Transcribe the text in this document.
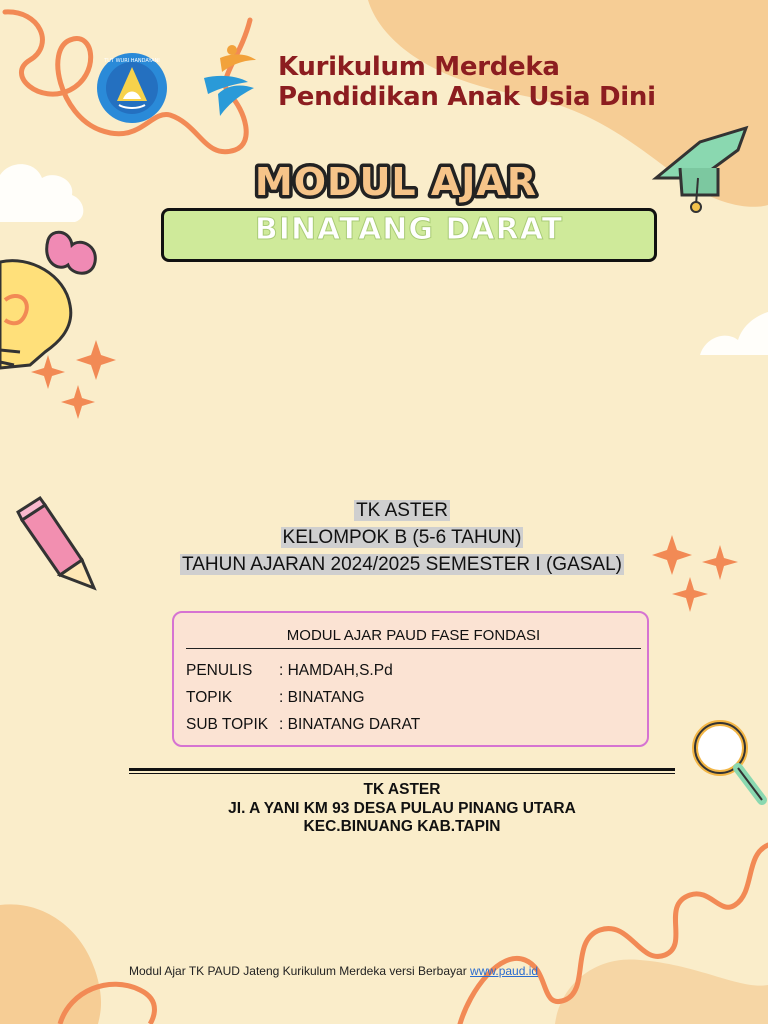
TUT WURI HANDAYANI	Kurikulum Merdeka
Pendidikan Anak Usia Dini
MODUL AJAR
BINATANG DARAT
TK ASTER
KELOMPOK B (5-6 TAHUN)
TAHUN AJARAN 2024/2025 SEMESTER I (GASAL)
MODUL AJAR PAUD FASE FONDASI
PENULIS : HAMDAH,S.Pd
TOPIK	: BINATANG
SUB TOPIK : BINATANG DARAT
TK ASTER
JI. A YANI KM 93 DESA PULAU PINANG UTARA
KEC.BINUANG KAB.TAPIN
Modul Ajar TK PAUD Jateng Kurikulum Merdeka versi Berbayar www.paud.id
